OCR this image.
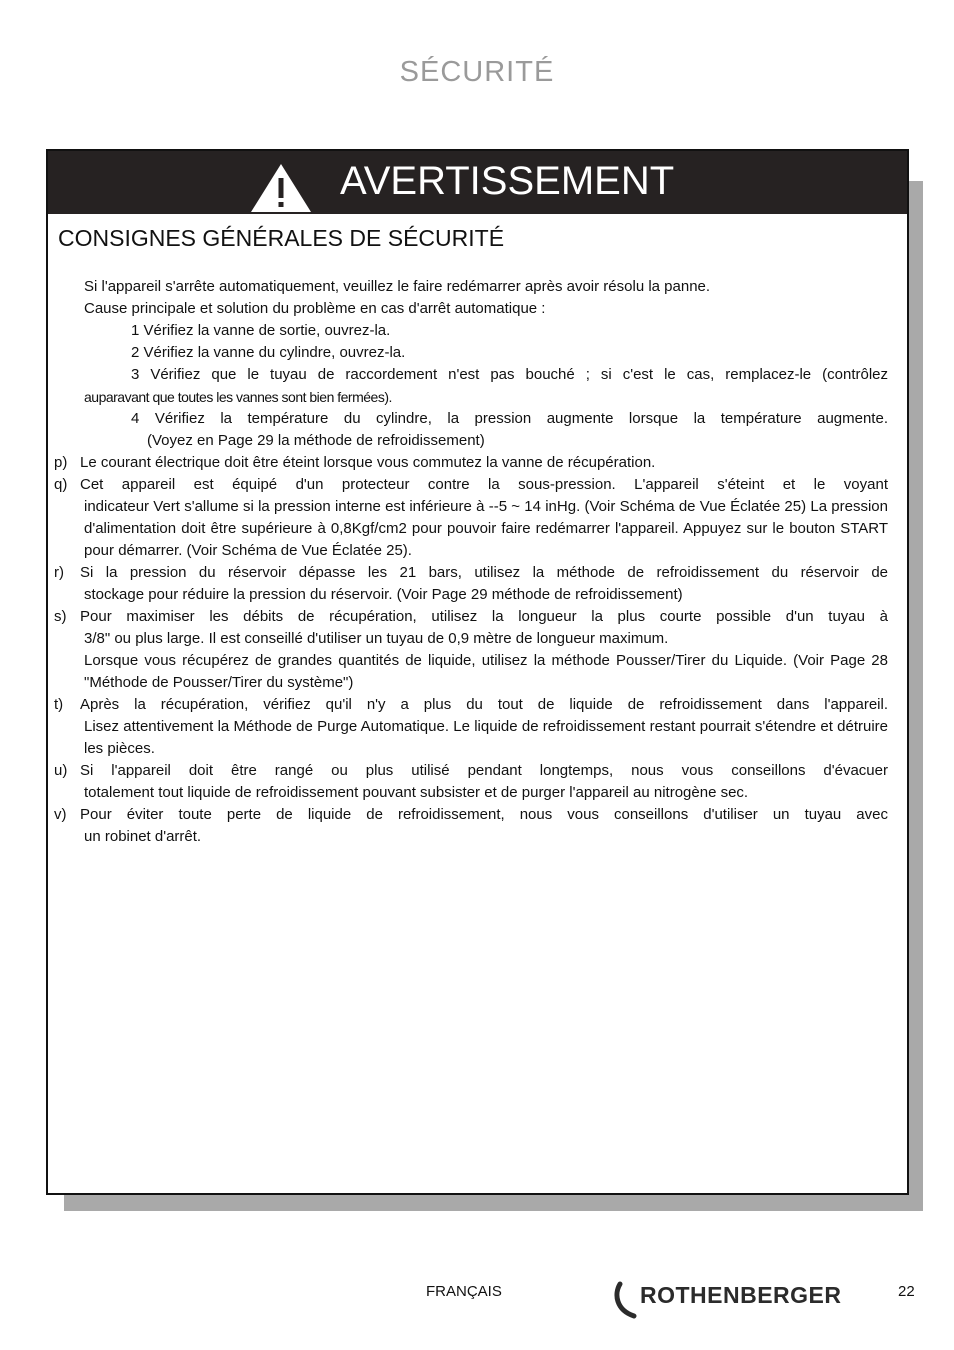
SÉCURITÉ
AVERTISSEMENT
CONSIGNES GÉNÉRALES DE SÉCURITÉ
Si l'appareil s'arrête automatiquement, veuillez le faire redémarrer après avoir résolu la panne.
Cause principale et solution du problème en cas d'arrêt automatique :
1 Vérifiez la vanne de sortie, ouvrez-la.
2 Vérifiez la vanne du cylindre, ouvrez-la.
3 Vérifiez que le tuyau de raccordement n'est pas bouché ; si c'est le cas, remplacez-le (contrôlez
auparavant que toutes les vannes sont bien fermées).
4 Vérifiez la température du cylindre, la pression augmente lorsque la température augmente.
(Voyez en Page 29 la méthode de refroidissement)
p) Le courant électrique doit être éteint lorsque vous commutez la vanne de récupération.
q) Cet appareil est équipé d'un protecteur contre la sous-pression. L'appareil s'éteint et le voyant
indicateur Vert s'allume si la pression interne est inférieure à --5 ~ 14 inHg. (Voir Schéma de Vue Éclatée 25) La pression d'alimentation doit être supérieure à 0,8Kgf/cm2 pour pouvoir faire redémarrer l'appareil. Appuyez sur le bouton START pour démarrer. (Voir Schéma de Vue Éclatée 25).
r)	Si la pression du réservoir dépasse les 21 bars, utilisez la méthode de refroidissement du réservoir de
stockage pour réduire la pression du réservoir. (Voir Page 29 méthode de refroidissement)
s) Pour maximiser les débits de récupération, utilisez la longueur la plus courte possible d'un tuyau à
3/8" ou plus large. Il est conseillé d'utiliser un tuyau de 0,9 mètre de longueur maximum.
Lorsque vous récupérez de grandes quantités de liquide, utilisez la méthode Pousser/Tirer du Liquide. (Voir Page 28 "Méthode de Pousser/Tirer du système")
t)	Après la récupération, vérifiez qu'il n'y a plus du tout de liquide de refroidissement dans l'appareil.
Lisez attentivement la Méthode de Purge Automatique. Le liquide de refroidissement restant pourrait s'étendre et détruire les pièces.
u) Si l'appareil doit être rangé ou plus utilisé pendant longtemps, nous vous conseillons d'évacuer
totalement tout liquide de refroidissement pouvant subsister et de purger l'appareil au nitrogène sec.
v) Pour éviter toute perte de liquide de refroidissement, nous vous conseillons d'utiliser un tuyau avec
un robinet d'arrêt.
FRANÇAIS	ROTHENBERGER	22
